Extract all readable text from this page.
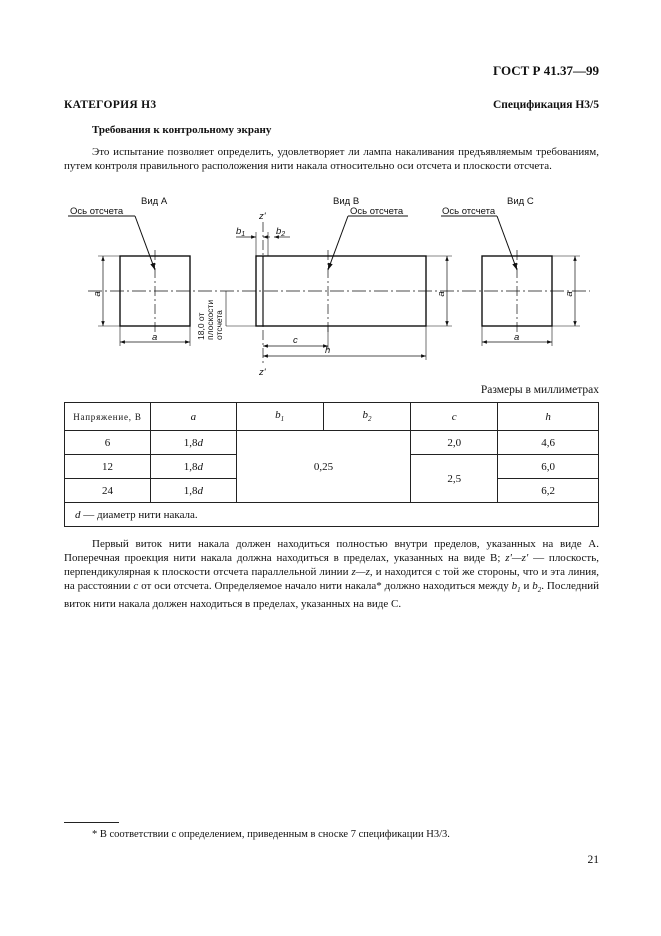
ГОСТ Р 41.37—99
КАТЕГОРИЯ Н3	Спецификация Н3/5
Требования к контрольному экрану

Это испытание позволяет определить, удовлетворяет ли лампа накаливания предъявляемым требованиям, путем контроля правильного расположения нити накала относительно оси отсчета и плоскости отсчета.

Вид А	Вид В	Вид С
Ось отсчета	Ось отсчета	Ось отсчета
z'
z'
$b_1$	$b_2$
a
a
a	a
a
c
h
18,0 от плоскости отсчета
Размеры в миллиметрах
Напряжение, В	a	$b_1$	$b_2$	c	h
6	1,8d	0,25		2,0	4,6
12	1,8d			2,5	6,0
24	1,8d				6,2
d — диаметр нити накала.					

Первый виток нити накала должен находиться полностью внутри пределов, указанных на виде А. Поперечная проекция нити накала должна находиться в пределах, указанных на виде В; z'—z' — плоскость, перпендикулярная к плоскости отсчета параллельной линии z—z, и находится с той же стороны, что и эта линия, на расстоянии c от оси отсчета. Определяемое начало нити накала* должно находиться между $b_1$ и $b_2$. Последний виток нити накала должен находиться в пределах, указанных на виде С.

* В соответствии с определением, приведенным в сноске 7 спецификации Н3/3.
21
